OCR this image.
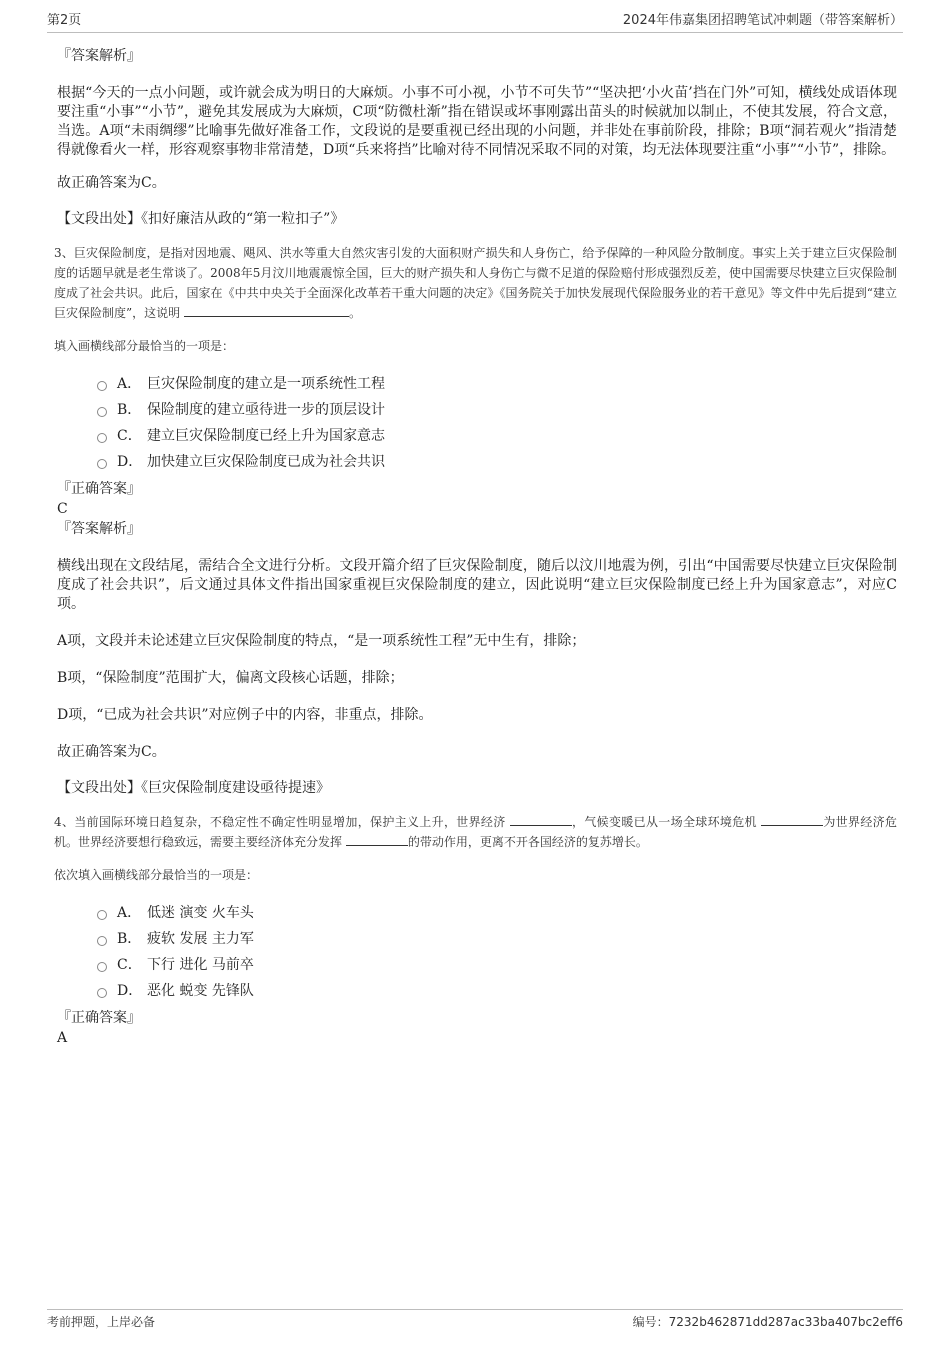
第2页	2024年伟嘉集团招聘笔试冲刺题（带答案解析）
『答案解析』
根据“今天的一点小问题，或许就会成为明日的大麻烦。小事不可小视，小节不可失节”“坚决把‘小火苗’挡在门外”可知，横线处成语体现要注重“小事”“小节”，避免其发展成为大麻烦，C项“防微杜渐”指在错误或坏事刚露出苗头的时候就加以制止，不使其发展，符合文意，当选。A项“未雨绸缪”比喻事先做好准备工作，文段说的是要重视已经出现的小问题，并非处在事前阶段，排除；B项“洞若观火”指清楚得就像看火一样，形容观察事物非常清楚，D项“兵来将挡”比喻对待不同情况采取不同的对策，均无法体现要注重“小事”“小节”，排除。
故正确答案为C。
【文段出处】《扣好廉洁从政的“第一粒扣子”》
3、巨灾保险制度，是指对因地震、飓风、洪水等重大自然灾害引发的大面积财产损失和人身伤亡，给予保障的一种风险分散制度。事实上关于建立巨灾保险制度的话题早就是老生常谈了。2008年5月汶川地震震惊全国，巨大的财产损失和人身伤亡与微不足道的保险赔付形成强烈反差，使中国需要尽快建立巨灾保险制度成了社会共识。此后，国家在《中共中央关于全面深化改革若干重大问题的决定》《国务院关于加快发展现代保险服务业的若干意见》等文件中先后提到“建立巨灾保险制度”，这说明	。
填入画横线部分最恰当的一项是：
A． 巨灾保险制度的建立是一项系统性工程
B． 保险制度的建立亟待进一步的顶层设计
C． 建立巨灾保险制度已经上升为国家意志
D． 加快建立巨灾保险制度已成为社会共识
『正确答案』
C
『答案解析』
横线出现在文段结尾，需结合全文进行分析。文段开篇介绍了巨灾保险制度，随后以汶川地震为例，引出“中国需要尽快建立巨灾保险制度成了社会共识”，后文通过具体文件指出国家重视巨灾保险制度的建立，因此说明“建立巨灾保险制度已经上升为国家意志”，对应C项。
A项，文段并未论述建立巨灾保险制度的特点，“是一项系统性工程”无中生有，排除；
B项，“保险制度”范围扩大，偏离文段核心话题，排除；
D项，“已成为社会共识”对应例子中的内容，非重点，排除。
故正确答案为C。
【文段出处】《巨灾保险制度建设亟待提速》
4、当前国际环境日趋复杂，不稳定性不确定性明显增加，保护主义上升，世界经济	，气候变暖已从一场全球环境危机	为世界经济危机。世界经济要想行稳致远，需要主要经济体充分发挥	的带动作用，更离不开各国经济的复苏增长。
依次填入画横线部分最恰当的一项是：
A． 低迷 演变 火车头
B． 疲软 发展 主力军
C． 下行 进化 马前卒
D． 恶化 蜕变 先锋队
『正确答案』
A
考前押题，上岸必备	编号：7232b462871dd287ac33ba407bc2eff6
